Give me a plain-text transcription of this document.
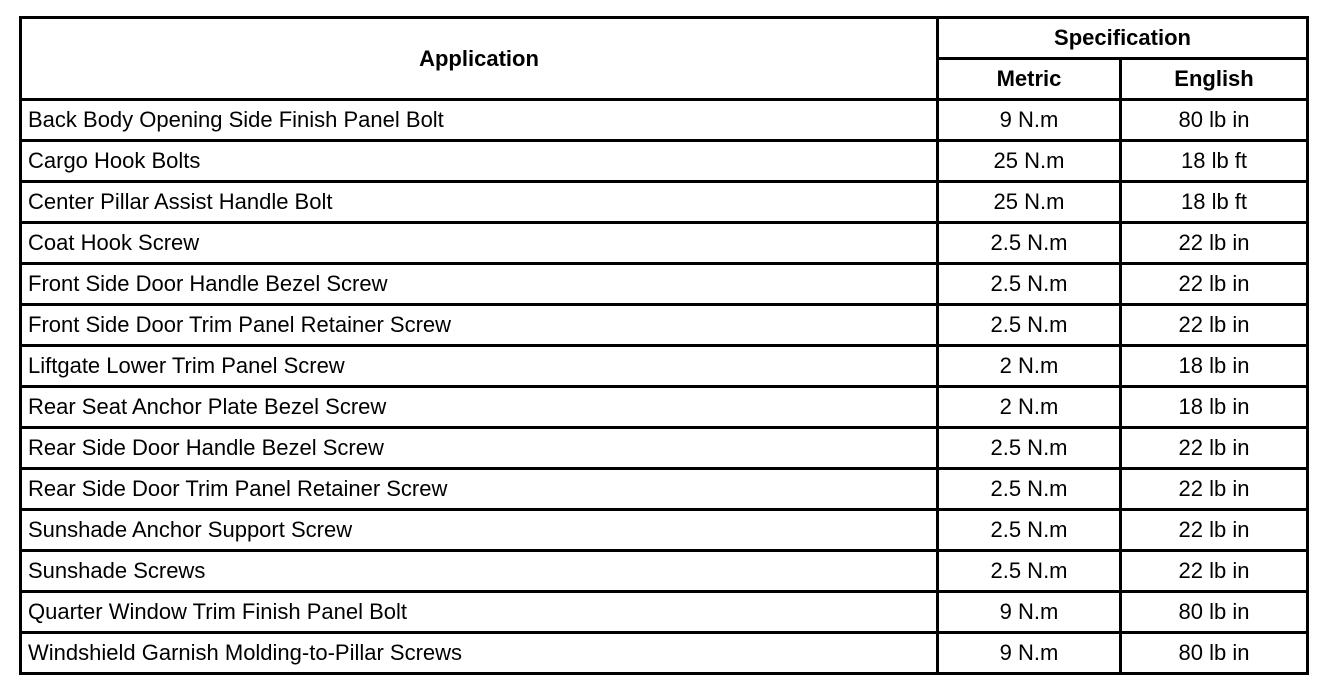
Application	Specification	
	Metric	English
Back Body Opening Side Finish Panel Bolt	9 N.m	80 lb in
Cargo Hook Bolts	25 N.m	18 lb ft
Center Pillar Assist Handle Bolt	25 N.m	18 lb ft
Coat Hook Screw	2.5 N.m	22 lb in
Front Side Door Handle Bezel Screw	2.5 N.m	22 lb in
Front Side Door Trim Panel Retainer Screw	2.5 N.m	22 lb in
Liftgate Lower Trim Panel Screw	2 N.m	18 lb in
Rear Seat Anchor Plate Bezel Screw	2 N.m	18 lb in
Rear Side Door Handle Bezel Screw	2.5 N.m	22 lb in
Rear Side Door Trim Panel Retainer Screw	2.5 N.m	22 lb in
Sunshade Anchor Support Screw	2.5 N.m	22 lb in
Sunshade Screws	2.5 N.m	22 lb in
Quarter Window Trim Finish Panel Bolt	9 N.m	80 lb in
Windshield Garnish Molding-to-Pillar Screws	9 N.m	80 lb in
